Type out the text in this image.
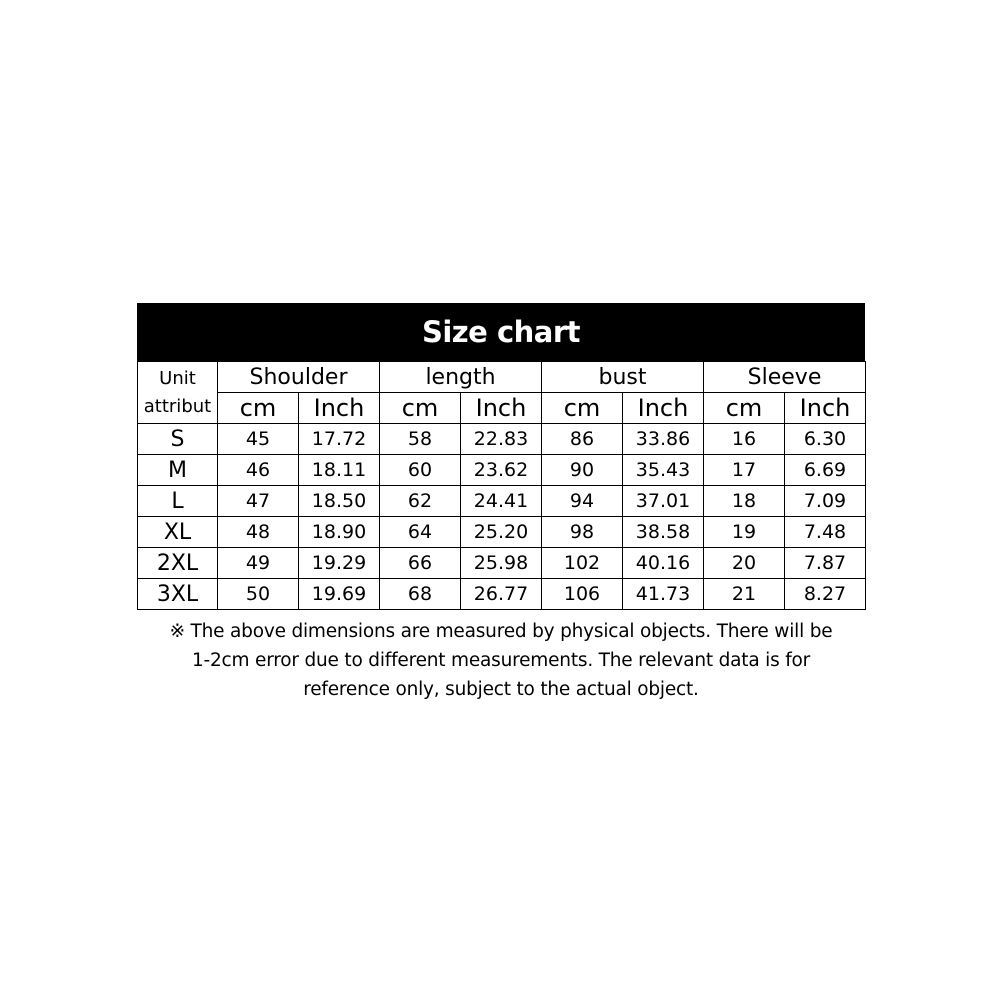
Size chart
Unit
attribut	Shoulder		length		bust		Sleeve	
	cm	Inch	cm	Inch	cm	Inch	cm	Inch
S	45	17.72	58	22.83	86	33.86	16	6.30
M	46	18.11	60	23.62	90	35.43	17	6.69
L	47	18.50	62	24.41	94	37.01	18	7.09
XL	48	18.90	64	25.20	98	38.58	19	7.48
2XL	49	19.29	66	25.98	102	40.16	20	7.87
3XL	50	19.69	68	26.77	106	41.73	21	8.27
※ The above dimensions are measured by physical objects. There will be
1-2cm error due to different measurements. The relevant data is for
reference only, subject to the actual object.
